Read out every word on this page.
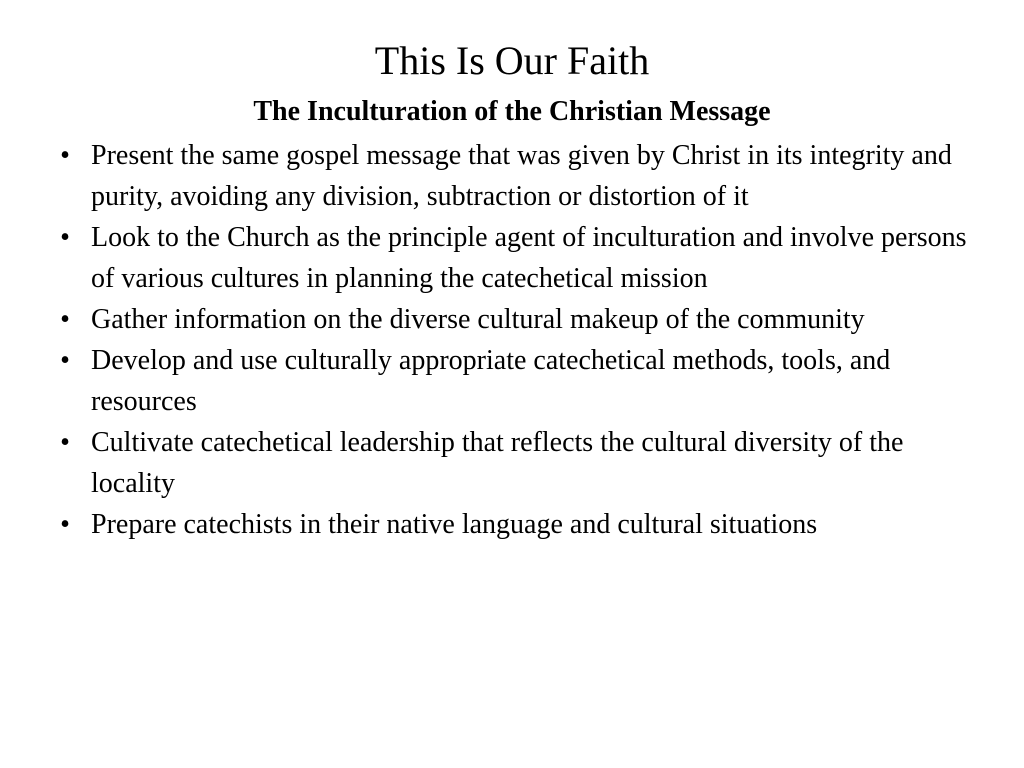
This Is Our Faith
The Inculturation of the Christian Message
• Present the same gospel message that was given by Christ in its integrity and purity, avoiding any division, subtraction or distortion of it
• Look to the Church as the principle agent of inculturation and involve persons of various cultures in planning the catechetical mission
• Gather information on the diverse cultural makeup of the community
• Develop and use culturally appropriate catechetical methods, tools, and resources
• Cultivate catechetical leadership that reflects the cultural diversity of the locality
• Prepare catechists in their native language and cultural situations
